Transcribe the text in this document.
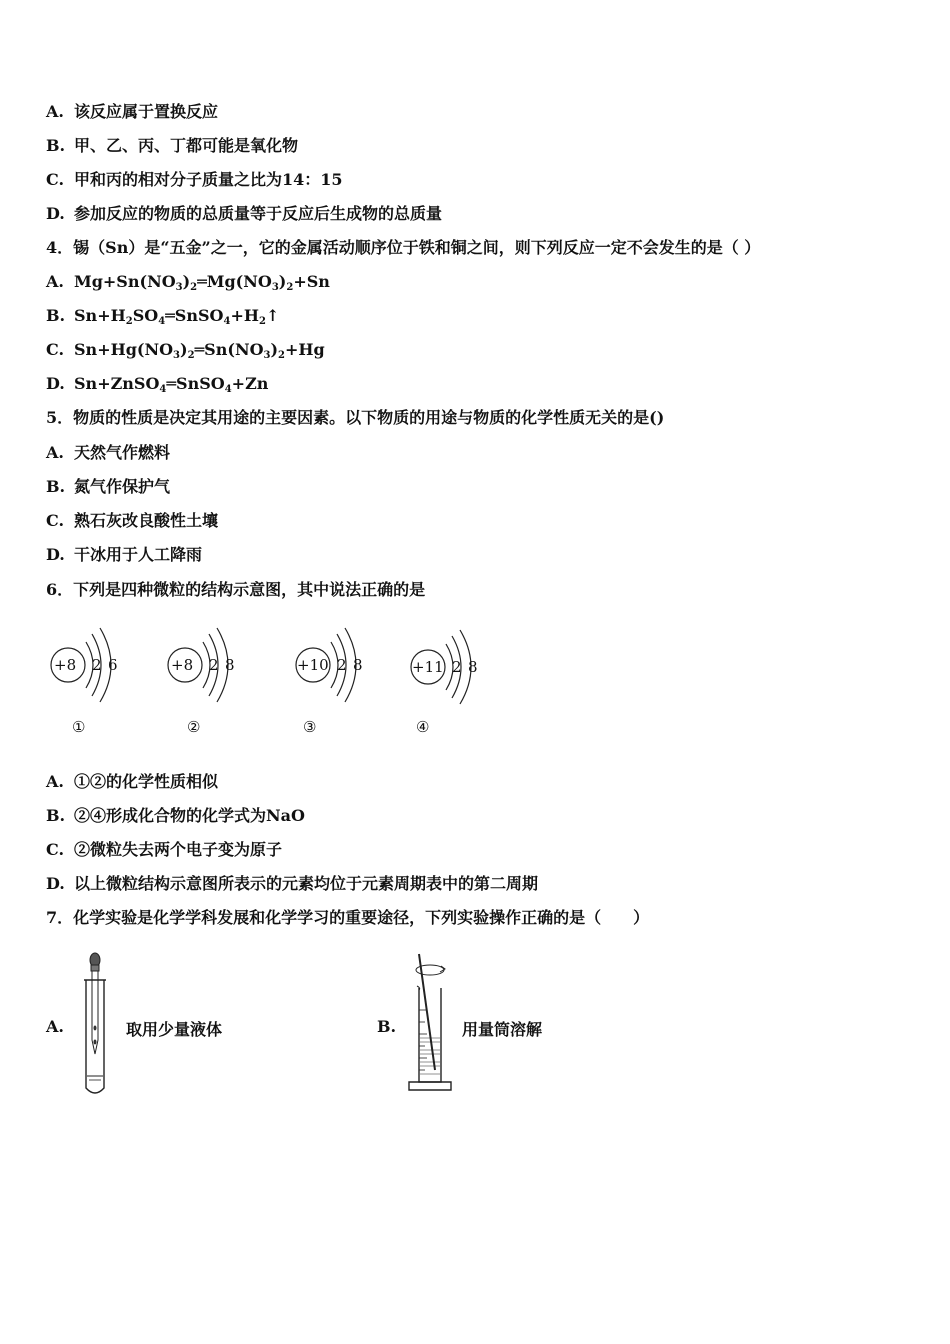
A. 该反应属于置换反应
B. 甲、乙、丙、丁都可能是氧化物
C. 甲和丙的相对分子质量之比为14：15
D. 参加反应的物质的总质量等于反应后生成物的总质量
4．锡（Sn）是“五金”之一，它的金属活动顺序位于铁和铜之间，则下列反应一定不会发生的是（ ）
A. $Mg+Sn(NO_3)_2═Mg(NO_3)_2+Sn$
B. $Sn+H_2SO_4═SnSO_4+H_2↑$
C. $Sn+Hg(NO_3)_2═Sn(NO_3)_2+Hg$
D. Sn+ZnSO$_4$═SnSO$_4$+Zn
5．物质的性质是决定其用途的主要因素。以下物质的用途与物质的化学性质无关的是()
A. 天然气作燃料
B. 氮气作保护气
C. 熟石灰改良酸性土壤
D. 干冰用于人工降雨
6．下列是四种微粒的结构示意图，其中说法正确的是
+8 2 6
①
+8 2 8
②
+10 2 8
③
+11 2 8
④
A. ①②的化学性质相似
B. ②④形成化合物的化学式为NaO
C. ②微粒失去两个电子变为原子
D. 以上微粒结构示意图所表示的元素均位于元素周期表中的第二周期
7．化学实验是化学学科发展和化学学习的重要途径，下列实验操作正确的是（　　）
A.	取用少量液体	B.	用量筒溶解
